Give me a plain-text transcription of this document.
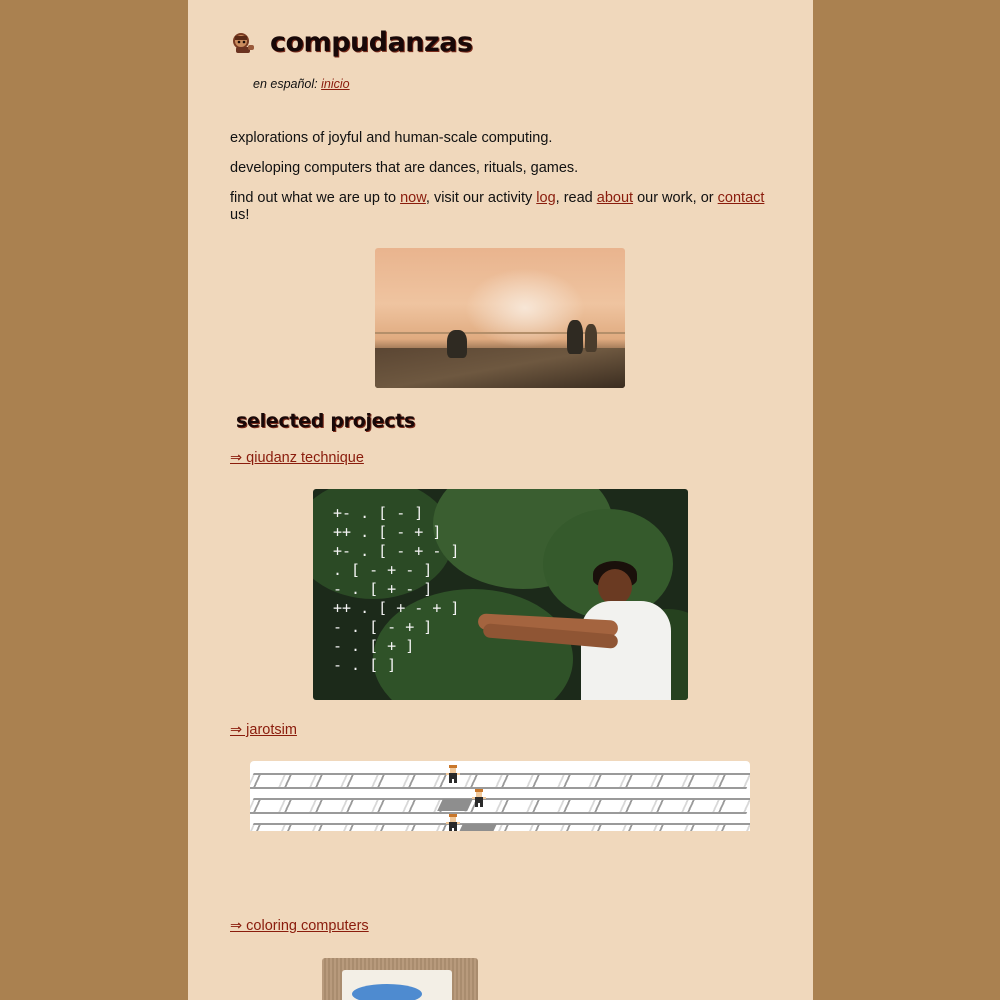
compudanzas
en español: inicio

explorations of joyful and human-scale computing.

developing computers that are dances, rituals, games.

find out what we are up to now, visit our activity log, read about our work, or contact us!

selected projects
⇒ qiudanz technique
+- . [ - ]
++ . [ - + ]
+- . [ - + - ]
. [ - + - ]
- . [ + - ]
++ . [ + - + ]
- . [ - + ]
- . [ + ]
- . [ ]
⇒ jarotsim
⇒ coloring computers
